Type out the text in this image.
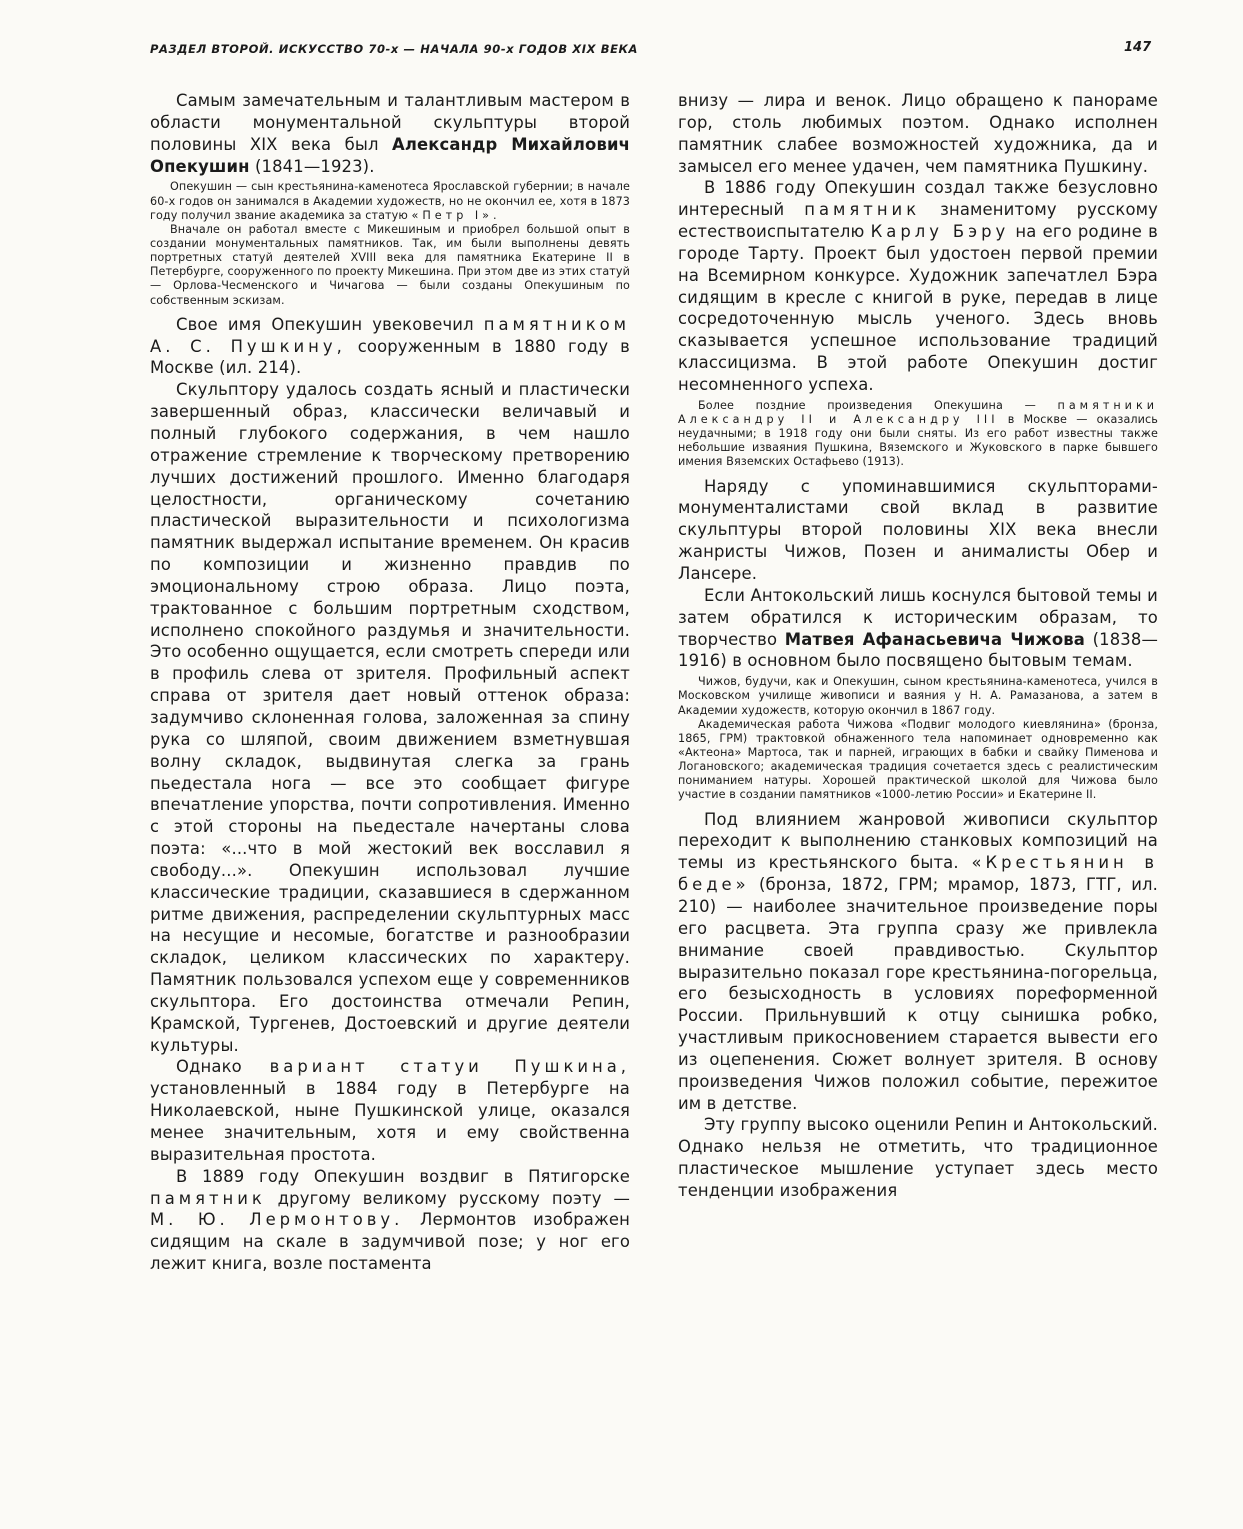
РАЗДЕЛ ВТОРОЙ. ИСКУССТВО 70-х — НАЧАЛА 90-х ГОДОВ XIX ВЕКА	147

Самым замечательным и талантливым мастером в области монументальной скульптуры второй половины XIX века был Александр Михайлович Опекушин (1841—1923).

Опекушин — сын крестьянина-каменотеса Ярославской губернии; в начале 60-х годов он занимался в Академии художеств, но не окончил ее, хотя в 1873 году получил звание академика за статую «Петр I».

Вначале он работал вместе с Микешиным и приобрел большой опыт в создании монументальных памятников. Так, им были выполнены девять портретных статуй деятелей XVIII века для памятника Екатерине II в Петербурге, сооруженного по проекту Микешина. При этом две из этих статуй — Орлова-Чесменского и Чичагова — были созданы Опекушиным по собственным эскизам.

Свое имя Опекушин увековечил памятником А. С. Пушкину, сооруженным в 1880 году в Москве (ил. 214).

Скульптору удалось создать ясный и пластически завершенный образ, классически величавый и полный глубокого содержания, в чем нашло отражение стремление к творческому претворению лучших достижений прошлого. Именно благодаря целостности, органическому сочетанию пластической выразительности и психологизма памятник выдержал испытание временем. Он красив по композиции и жизненно правдив по эмоциональному строю образа. Лицо поэта, трактованное с большим портретным сходством, исполнено спокойного раздумья и значительности. Это особенно ощущается, если смотреть спереди или в профиль слева от зрителя. Профильный аспект справа от зрителя дает новый оттенок образа: задумчиво склоненная голова, заложенная за спину рука со шляпой, своим движением взметнувшая волну складок, выдвинутая слегка за грань пьедестала нога — все это сообщает фигуре впечатление упорства, почти сопротивления. Именно с этой стороны на пьедестале начертаны слова поэта: «...что в мой жестокий век восславил я свободу...». Опекушин использовал лучшие классические традиции, сказавшиеся в сдержанном ритме движения, распределении скульптурных масс на несущие и несомые, богатстве и разнообразии складок, целиком классических по характеру. Памятник пользовался успехом еще у современников скульптора. Его достоинства отмечали Репин, Крамской, Тургенев, Достоевский и другие деятели культуры.

Однако вариант статуи Пушкина, установленный в 1884 году в Петербурге на Николаевской, ныне Пушкинской улице, оказался менее значительным, хотя и ему свойственна выразительная простота.

В 1889 году Опекушин воздвиг в Пятигорске памятник другому великому русскому поэту — М. Ю. Лермонтову. Лермонтов изображен сидящим на скале в задумчивой позе; у ног его лежит книга, возле постамента

внизу — лира и венок. Лицо обращено к панораме гор, столь любимых поэтом. Однако исполнен памятник слабее возможностей художника, да и замысел его менее удачен, чем памятника Пушкину.

В 1886 году Опекушин создал также безусловно интересный памятник знаменитому русскому естествоиспытателю Карлу Бэру на его родине в городе Тарту. Проект был удостоен первой премии на Всемирном конкурсе. Художник запечатлел Бэра сидящим в кресле с книгой в руке, передав в лице сосредоточенную мысль ученого. Здесь вновь сказывается успешное использование традиций классицизма. В этой работе Опекушин достиг несомненного успеха.

Более поздние произведения Опекушина — памятники Александру II и Александру III в Москве — оказались неудачными; в 1918 году они были сняты. Из его работ известны также небольшие изваяния Пушкина, Вяземского и Жуковского в парке бывшего имения Вяземских Остафьево (1913).

Наряду с упоминавшимися скульпторами-монументалистами свой вклад в развитие скульптуры второй половины XIX века внесли жанристы Чижов, Позен и анималисты Обер и Лансере.

Если Антокольский лишь коснулся бытовой темы и затем обратился к историческим образам, то творчество Матвея Афанасьевича Чижова (1838—1916) в основном было посвящено бытовым темам.

Чижов, будучи, как и Опекушин, сыном крестьянина-каменотеса, учился в Московском училище живописи и ваяния у Н. А. Рамазанова, а затем в Академии художеств, которую окончил в 1867 году.

Академическая работа Чижова «Подвиг молодого киевлянина» (бронза, 1865, ГРМ) трактовкой обнаженного тела напоминает одновременно как «Актеона» Мартоса, так и парней, играющих в бабки и свайку Пименова и Логановского; академическая традиция сочетается здесь с реалистическим пониманием натуры. Хорошей практической школой для Чижова было участие в создании памятников «1000-летию России» и Екатерине II.

Под влиянием жанровой живописи скульптор переходит к выполнению станковых композиций на темы из крестьянского быта. «Крестьянин в беде» (бронза, 1872, ГРМ; мрамор, 1873, ГТГ, ил. 210) — наиболее значительное произведение поры его расцвета. Эта группа сразу же привлекла внимание своей правдивостью. Скульптор выразительно показал горе крестьянина-погорельца, его безысходность в условиях пореформенной России. Прильнувший к отцу сынишка робко, участливым прикосновением старается вывести его из оцепенения. Сюжет волнует зрителя. В основу произведения Чижов положил событие, пережитое им в детстве.

Эту группу высоко оценили Репин и Антокольский. Однако нельзя не отметить, что традиционное пластическое мышление уступает здесь место тенденции изображения
